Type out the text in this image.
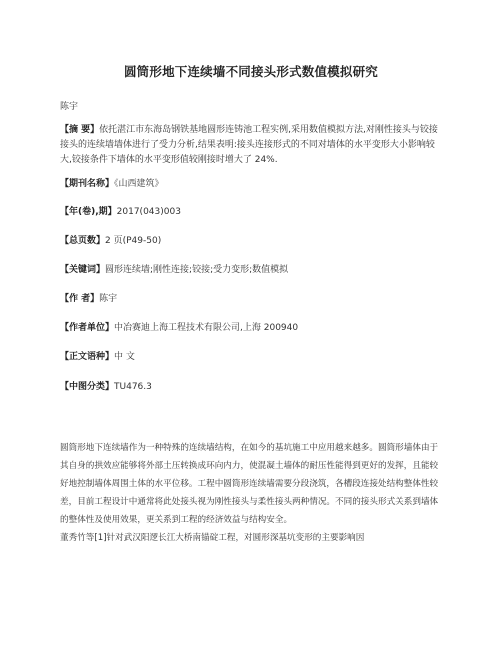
圆筒形地下连续墙不同接头形式数值模拟研究
陈宇
【摘 要】依托湛江市东海岛钢铁基地圆形连铸池工程实例,采用数值模拟方法,对刚性接头与铰接接头的连续墙墙体进行了受力分析,结果表明:接头连接形式的不同对墙体的水平变形大小影响较大,铰接条件下墙体的水平变形值较刚接时增大了 24%.
【期刊名称】《山西建筑》
【年(卷),期】2017(043)003
【总页数】2 页(P49-50)
【关键词】圆形连续墙;刚性连接;铰接;受力变形;数值模拟
【作 者】陈宇
【作者单位】中冶赛迪上海工程技术有限公司,上海 200940
【正文语种】中 文
【中图分类】TU476.3

圆筒形地下连续墙作为一种特殊的连续墙结构，在如今的基坑施工中应用越来越多。圆筒形墙体由于其自身的拱效应能够将外部土压转换成环向内力，使混凝土墙体的耐压性能得到更好的发挥，且能较好地控制墙体周围土体的水平位移。工程中圆筒形连续墙需要分段浇筑，各槽段连接处结构整体性较差，目前工程设计中通常将此处接头视为刚性接头与柔性接头两种情况。不同的接头形式关系到墙体的整体性及使用效果，更关系到工程的经济效益与结构安全。

董秀竹等[1]针对武汉阳逻长江大桥南锚碇工程，对圆形深基坑变形的主要影响因
